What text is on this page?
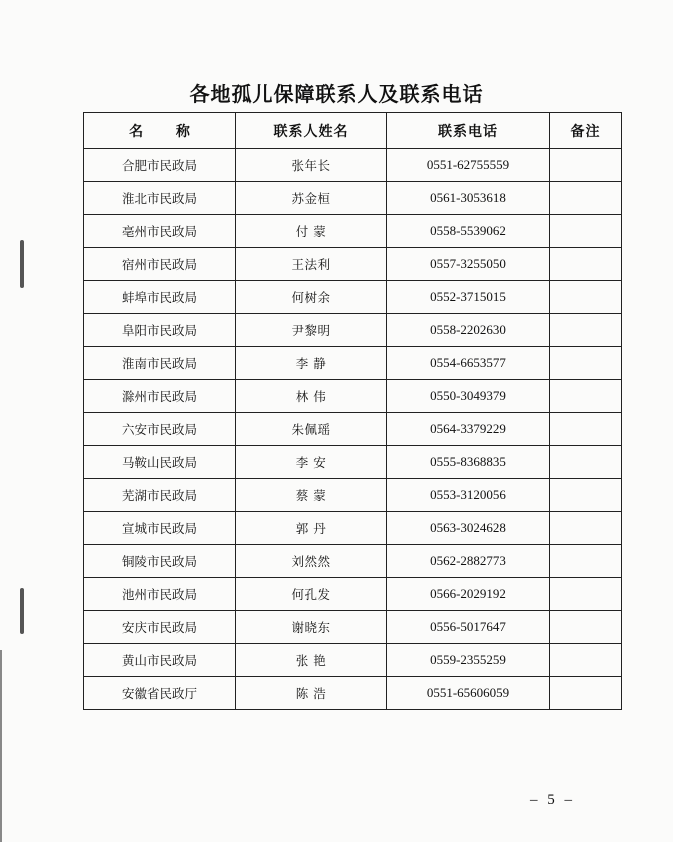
各地孤儿保障联系人及联系电话
名 称	联系人姓名	联系电话	备注
合肥市民政局	张年长	0551-62755559	
淮北市民政局	苏金桓	0561-3053618	
亳州市民政局	付 蒙	0558-5539062	
宿州市民政局	王法利	0557-3255050	
蚌埠市民政局	何树余	0552-3715015	
阜阳市民政局	尹黎明	0558-2202630	
淮南市民政局	李 静	0554-6653577	
滁州市民政局	林 伟	0550-3049379	
六安市民政局	朱佩瑶	0564-3379229	
马鞍山民政局	李 安	0555-8368835	
芜湖市民政局	蔡 蒙	0553-3120056	
宣城市民政局	郭 丹	0563-3024628	
铜陵市民政局	刘然然	0562-2882773	
池州市民政局	何孔发	0566-2029192	
安庆市民政局	谢晓东	0556-5017647	
黄山市民政局	张 艳	0559-2355259	
安徽省民政厅	陈 浩	0551-65606059	
– 5 –
